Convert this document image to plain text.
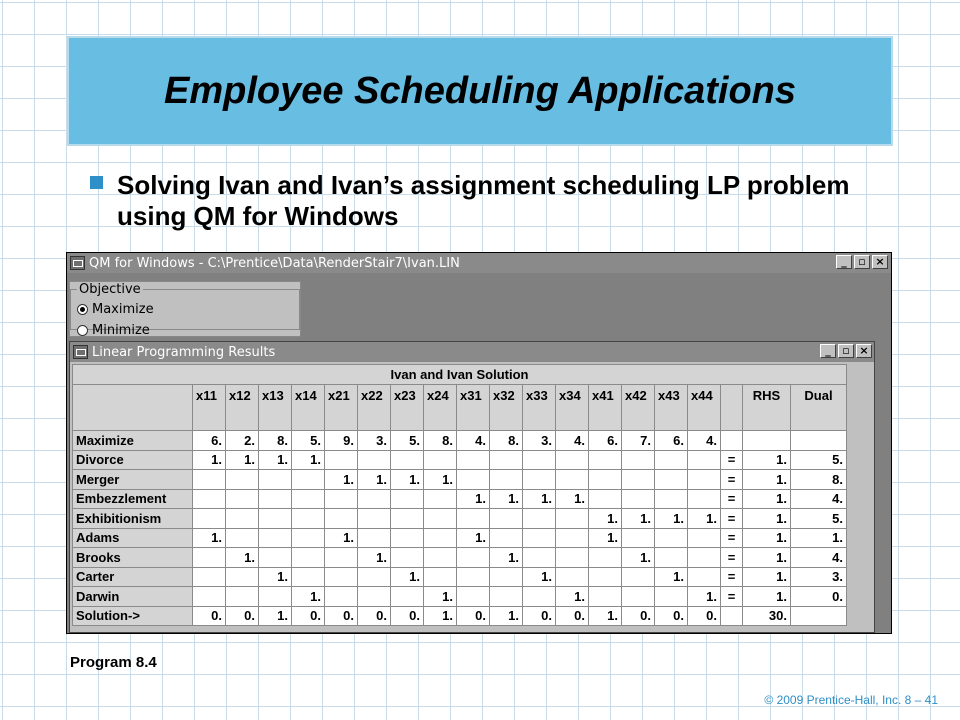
Employee Scheduling Applications
Solving Ivan and Ivan’s assignment scheduling LP problem using QM for Windows
QM for Windows - C:\Prentice\Data\RenderStair7\Ivan.LIN	_	▫ ×
Objective
Maximize
Minimize
Linear Programming Results	_	▫ ×
Ivan and Ivan Solution																			
	x11	x12	x13	x14	x21	x22	x23	x24	x31	x32	x33	x34	x41	x42	x43	x44		RHS	Dual
Maximize	6.	2.	8.	5.	9.	3.	5.	8.	4.	8.	3.	4.	6.	7.	6.	4.			
Divorce	1.	1.	1.	1.													=	1.	5.
Merger					1.	1.	1.	1.									=	1.	8.
Embezzlement									1.	1.	1.	1.					=	1.	4.
Exhibitionism													1.	1.	1.	1.	=	1.	5.
Adams	1.				1.				1.				1.				=	1.	1.
Brooks		1.				1.				1.				1.			=	1.	4.
Carter			1.				1.				1.				1.		=	1.	3.
Darwin				1.				1.				1.				1.	=	1.	0.
Solution->	0.	0.	1.	0.	0.	0.	0.	1.	0.	1.	0.	0.	1.	0.	0.	0.		30.	
Program 8.4
© 2009 Prentice-Hall, Inc. 8 – 41
